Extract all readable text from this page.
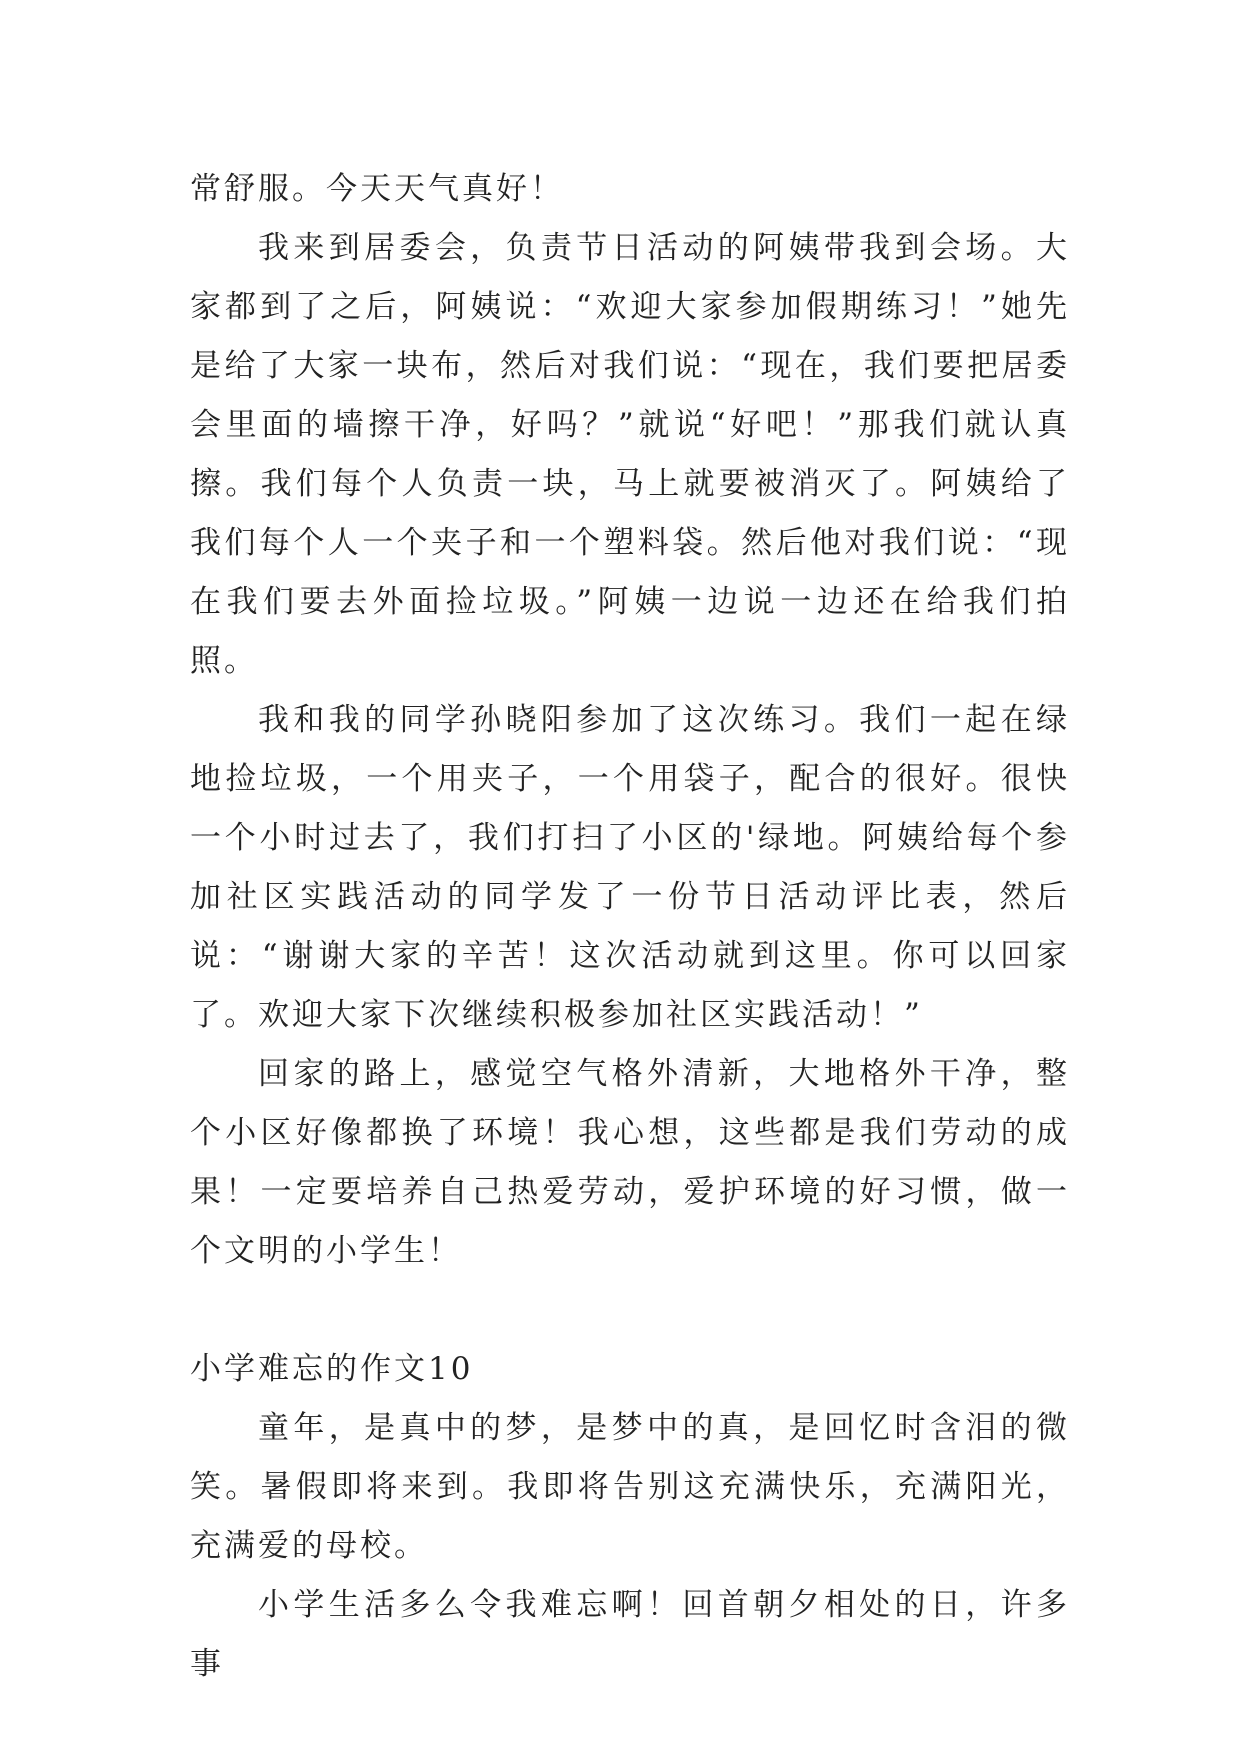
常舒服。今天天气真好！

我来到居委会，负责节日活动的阿姨带我到会场。大家都到了之后，阿姨说：“欢迎大家参加假期练习！”她先是给了大家一块布，然后对我们说：“现在，我们要把居委会里面的墙擦干净，好吗？”就说“好吧！”那我们就认真擦。我们每个人负责一块，马上就要被消灭了。阿姨给了我们每个人一个夹子和一个塑料袋。然后他对我们说：“现在我们要去外面捡垃圾。”阿姨一边说一边还在给我们拍照。

我和我的同学孙晓阳参加了这次练习。我们一起在绿地捡垃圾，一个用夹子，一个用袋子，配合的很好。很快一个小时过去了，我们打扫了小区的'绿地。阿姨给每个参加社区实践活动的同学发了一份节日活动评比表，然后说：“谢谢大家的辛苦！这次活动就到这里。你可以回家了。欢迎大家下次继续积极参加社区实践活动！”

回家的路上，感觉空气格外清新，大地格外干净，整个小区好像都换了环境！我心想，这些都是我们劳动的成果！一定要培养自己热爱劳动，爱护环境的好习惯，做一个文明的小学生！

小学难忘的作文10

童年，是真中的梦，是梦中的真，是回忆时含泪的微笑。暑假即将来到。我即将告别这充满快乐，充满阳光，充满爱的母校。

小学生活多么令我难忘啊！回首朝夕相处的日，许多事
